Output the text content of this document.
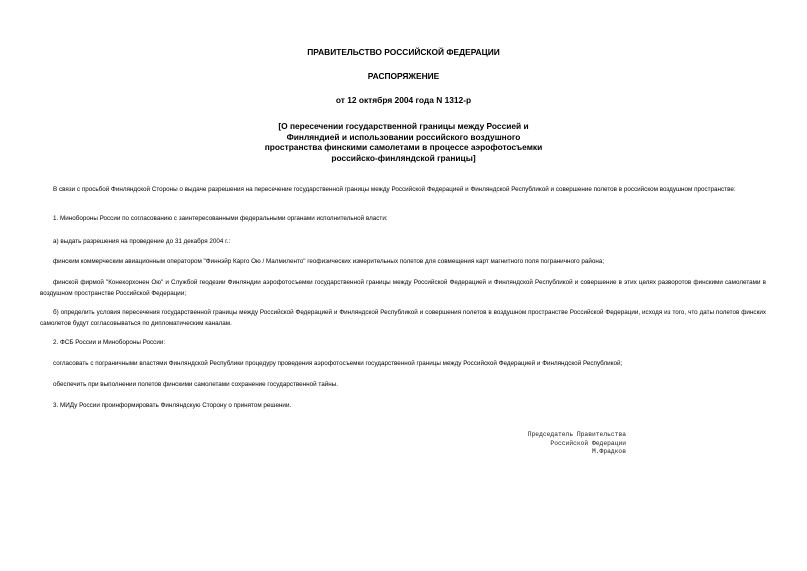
ПРАВИТЕЛЬСТВО РОССИЙСКОЙ ФЕДЕРАЦИИ
РАСПОРЯЖЕНИЕ
от 12 октября 2004 года N 1312-р
[О пересечении государственной границы между Россией и
Финляндией и использовании российского воздушного
пространства финскими самолетами в процессе аэрофотосъемки
российско-финляндской границы]
В связи с просьбой Финляндской Стороны о выдаче разрешения на пересечение государственной границы между Российской Федерацией и Финляндской Республикой и совершение полетов в российском воздушном пространстве:
1. Минобороны России по согласованию с заинтересованными федеральными органами исполнительной власти:
а) выдать разрешения на проведение до 31 декабря 2004 г.:
финским коммерческим авиационным оператором "Финнэйр Карго Ою / Малмиленто" геофизических измерительных полетов для совмещения карт магнитного поля пограничного района;
финской фирмой "Конекорхонен Ою" и Службой геодезии Финляндии аэрофотосъемки государственной границы между Российской Федерацией и Финляндской Республикой и совершение в этих целях разворотов финскими самолетами в воздушном пространстве Российской Федерации;
б) определить условия пересечения государственной границы между Российской Федерацией и Финляндской Республикой и совершения полетов в воздушном пространстве Российской Федерации, исходя из того, что даты полетов финских самолетов будут согласовываться по дипломатическим каналам.
2. ФСБ России и Минобороны России:
согласовать с пограничными властями Финляндской Республики процедуру проведения аэрофотосъемки государственной границы между Российской Федерацией и Финляндской Республикой;
обеспечить при выполнении полетов финскими самолетами сохранение государственной тайны.
3. МИДу России проинформировать Финляндскую Сторону о принятом решении.
Председатель Правительства
Российской Федерации
М.Фрадков
